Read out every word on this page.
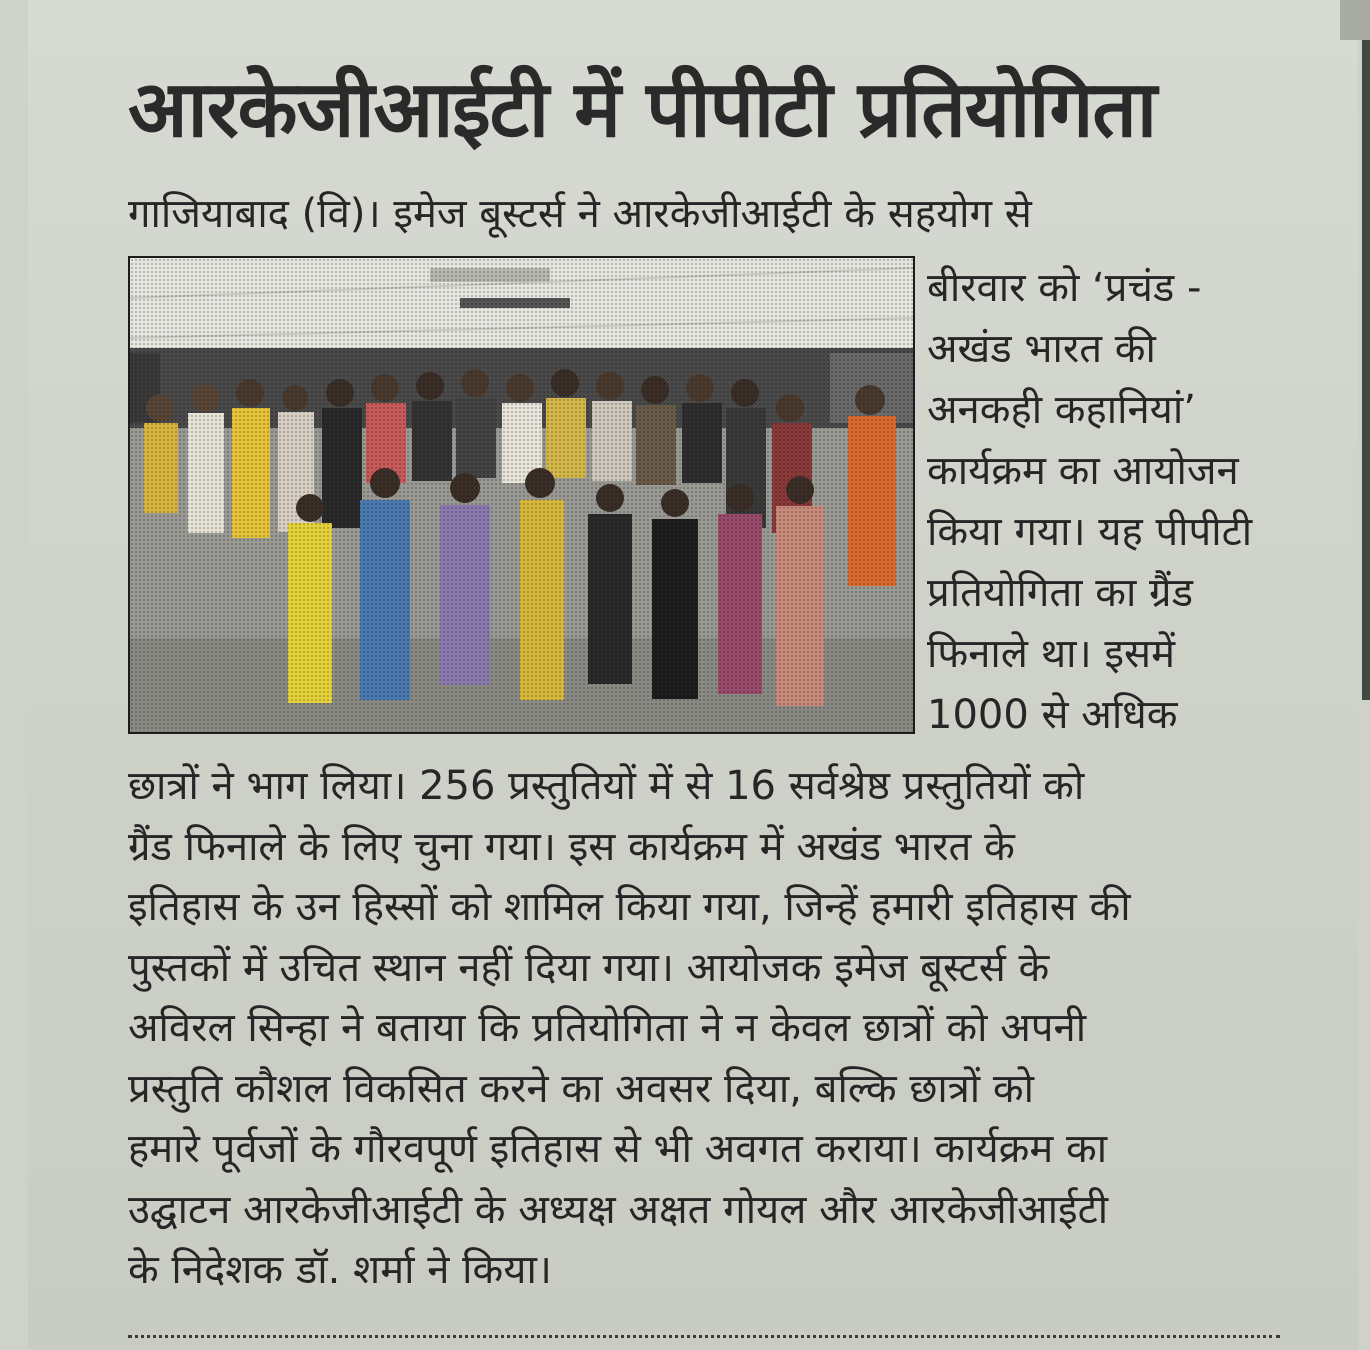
आरकेजीआईटी में पीपीटी प्रतियोगिता
गाजियाबाद (वि)। इमेज बूस्टर्स ने आरकेजीआईटी के सहयोग से
बीरवार को ‘प्रचंड -
अखंड भारत की
अनकही कहानियां’
कार्यक्रम का आयोजन
किया गया। यह पीपीटी
प्रतियोगिता का ग्रैंड
फिनाले था। इसमें
1000 से अधिक
छात्रों ने भाग लिया। 256 प्रस्तुतियों में से 16 सर्वश्रेष्ठ प्रस्तुतियों को
ग्रैंड फिनाले के लिए चुना गया। इस कार्यक्रम में अखंड भारत के
इतिहास के उन हिस्सों को शामिल किया गया, जिन्हें हमारी इतिहास की
पुस्तकों में उचित स्थान नहीं दिया गया। आयोजक इमेज बूस्टर्स के
अविरल सिन्हा ने बताया कि प्रतियोगिता ने न केवल छात्रों को अपनी
प्रस्तुति कौशल विकसित करने का अवसर दिया, बल्कि छात्रों को
हमारे पूर्वजों के गौरवपूर्ण इतिहास से भी अवगत कराया। कार्यक्रम का
उद्घाटन आरकेजीआईटी के अध्यक्ष अक्षत गोयल और आरकेजीआईटी
के निदेशक डॉ. शर्मा ने किया।
